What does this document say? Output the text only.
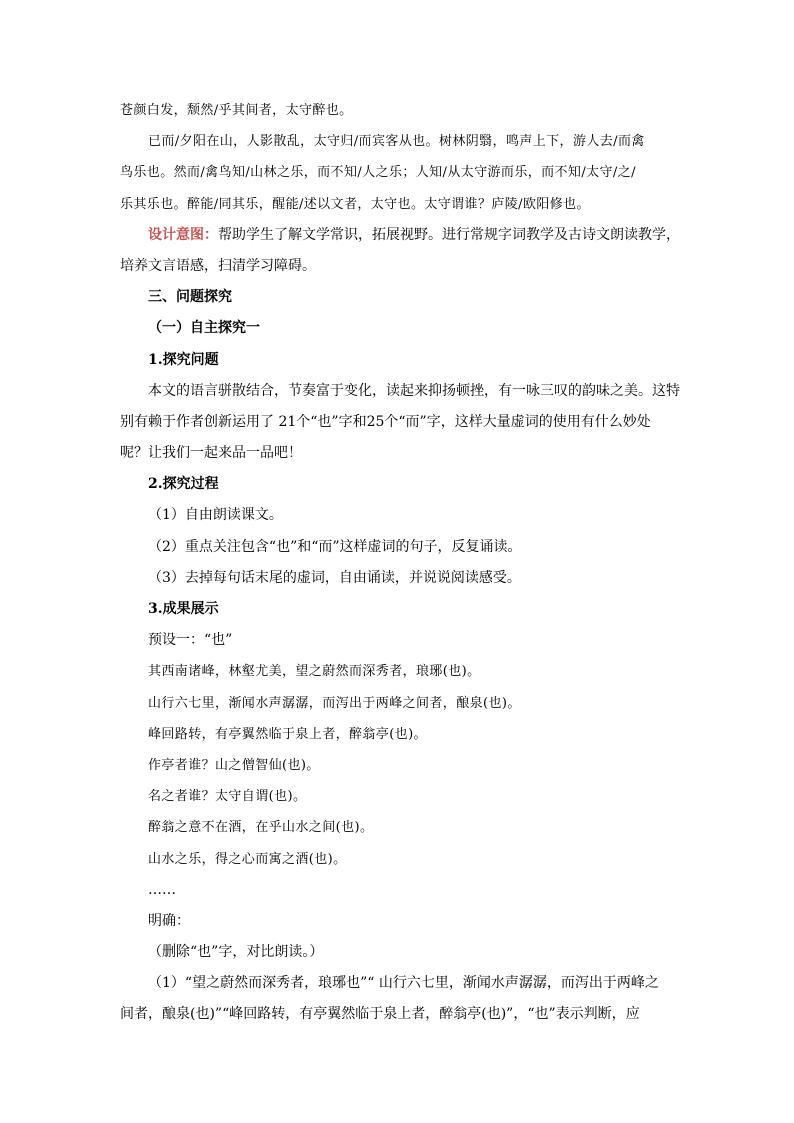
苍颜白发，颓然/乎其间者，太守醉也。
已而/夕阳在山，人影散乱，太守归/而宾客从也。树林阴翳，鸣声上下，游人去/而禽
鸟乐也。然而/禽鸟知/山林之乐，而不知/人之乐；人知/从太守游而乐，而不知/太守/之/
乐其乐也。醉能/同其乐，醒能/述以文者，太守也。太守谓谁？庐陵/欧阳修也。
设计意图：帮助学生了解文学常识，拓展视野。进行常规字词教学及古诗文朗读教学，
培养文言语感，扫清学习障碍。
三、问题探究
（一）自主探究一
1.探究问题
本文的语言骈散结合，节奏富于变化，读起来抑扬顿挫，有一咏三叹的韵味之美。这特
别有赖于作者创新运用了 21个“也”字和25个“而”字，这样大量虚词的使用有什么妙处
呢？让我们一起来品一品吧！
2.探究过程
（1）自由朗读课文。
（2）重点关注包含“也”和“而”这样虚词的句子，反复诵读。
（3）去掉每句话末尾的虚词，自由诵读，并说说阅读感受。
3.成果展示
预设一：“也”
其西南诸峰，林壑尤美，望之蔚然而深秀者，琅琊(也)。
山行六七里，渐闻水声潺潺，而泻出于两峰之间者，酿泉(也)。
峰回路转，有亭翼然临于泉上者，醉翁亭(也)。
作亭者谁？山之僧智仙(也)。
名之者谁？太守自谓(也)。
醉翁之意不在酒，在乎山水之间(也)。
山水之乐，得之心而寓之酒(也)。
……
明确：
（删除“也”字，对比朗读。）
（1）“望之蔚然而深秀者，琅琊也”“ 山行六七里，渐闻水声潺潺，而泻出于两峰之
间者，酿泉(也)”“峰回路转，有亭翼然临于泉上者，醉翁亭(也)”，“也”表示判断，应
